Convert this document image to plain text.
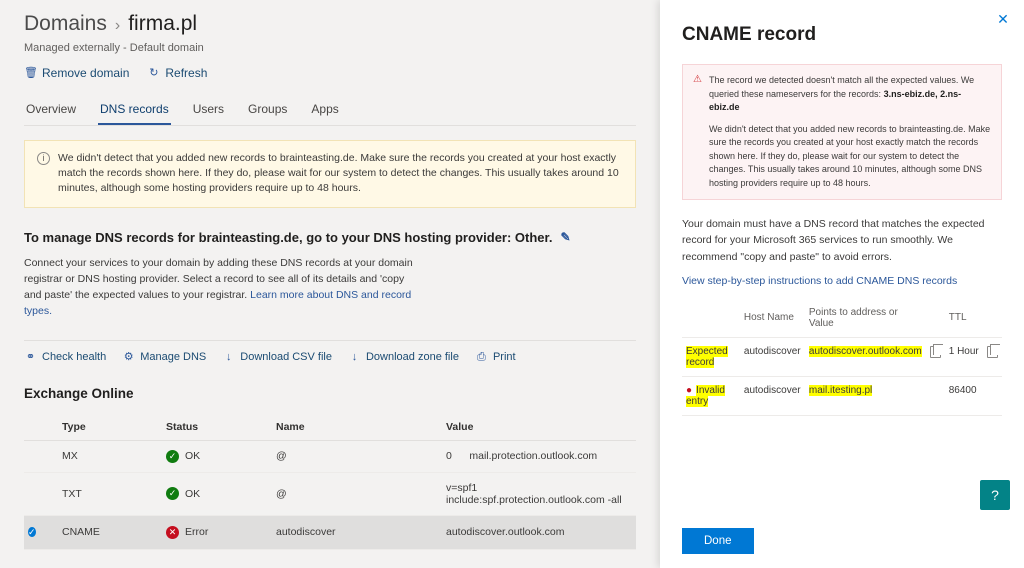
Domains › firma.pl
Managed externally - Default domain
🗑 Remove domain ↻ Refresh
Overview DNS records Users Groups Apps
i	We didn't detect that you added new records to brainteasting.de. Make sure the records you created at your host exactly match the records shown here. If they do, please wait for our system to detect the changes. This usually takes around 10 minutes, although some hosting providers require up to 48 hours.
To manage DNS records for brainteasting.de, go to your DNS hosting provider: Other. ✎
Connect your services to your domain by adding these DNS records at your domain registrar or DNS hosting provider. Select a record to see all of its details and 'copy and paste' the expected values to your registrar. Learn more about DNS and record types.
⚭ Check health ⚙ Manage DNS	↓ Download CSV file	↓ Download zone file ⎙ Print
Exchange Online
	Type	Status	Name	Value
	MX	✓ OK	@	0 mail.protection.outlook.com
	TXT	✓ OK	@	v=spf1 include:spf.protection.outlook.com -all
✓	CNAME	✕ Error	autodiscover	autodiscover.outlook.com
✕
CNAME record
⚠ The record we detected doesn't match all the expected values. We queried these nameservers for the records: 3.ns-ebiz.de, 2.ns-ebiz.de

We didn't detect that you added new records to brainteasting.de. Make sure the records you created at your host exactly match the records shown here. If they do, please wait for our system to detect the changes. This usually takes around 10 minutes, although some DNS hosting providers require up to 48 hours.

Your domain must have a DNS record that matches the expected record for your Microsoft 365 services to run smoothly. We recommend "copy and paste" to avoid errors.
View step-by-step instructions to add CNAME DNS records
	Host Name	Points to address or Value		TTL	
Expected record	autodiscover	autodiscover.outlook.com		1 Hour	
● Invalid entry	autodiscover	mail.itesting.pl		86400	
?
Done
